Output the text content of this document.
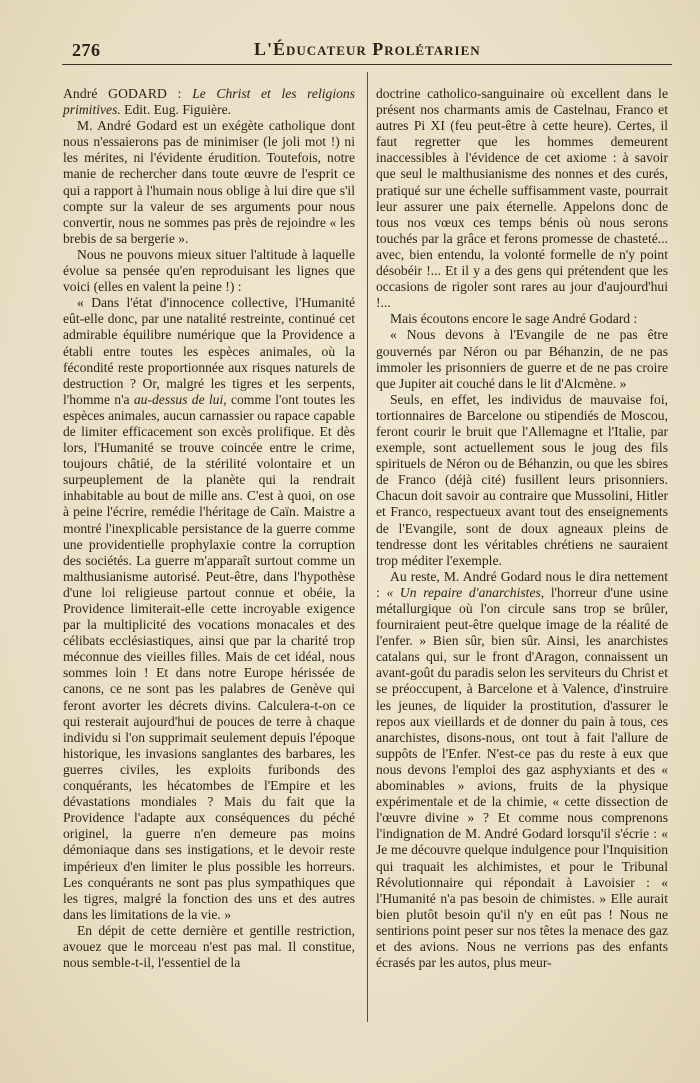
276	L'Éducateur Prolétarien

André GODARD : Le Christ et les religions primitives. Edit. Eug. Figuière.

M. André Godard est un exégète catholique dont nous n'essaierons pas de minimiser (le joli mot !) ni les mérites, ni l'évidente érudition. Toutefois, notre manie de rechercher dans toute œuvre de l'esprit ce qui a rapport à l'humain nous oblige à lui dire que s'il compte sur la valeur de ses arguments pour nous convertir, nous ne sommes pas près de rejoindre « les brebis de sa bergerie ».

Nous ne pouvons mieux situer l'altitude à laquelle évolue sa pensée qu'en reproduisant les lignes que voici (elles en valent la peine !) :

« Dans l'état d'innocence collective, l'Humanité eût-elle donc, par une natalité restreinte, continué cet admirable équilibre numérique que la Providence a établi entre toutes les espèces animales, où la fécondité reste proportionnée aux risques naturels de destruction ? Or, malgré les tigres et les serpents, l'homme n'a au-dessus de lui, comme l'ont toutes les espèces animales, aucun carnassier ou rapace capable de limiter efficacement son excès prolifique. Et dès lors, l'Humanité se trouve coincée entre le crime, toujours châtié, de la stérilité volontaire et un surpeuplement de la planète qui la rendrait inhabitable au bout de mille ans. C'est à quoi, on ose à peine l'écrire, remédie l'héritage de Caïn. Maistre a montré l'inexplicable persistance de la guerre comme une providentielle prophylaxie contre la corruption des sociétés. La guerre m'apparaît surtout comme un malthusianisme autorisé. Peut-être, dans l'hypothèse d'une loi religieuse partout connue et obéie, la Providence limiterait-elle cette incroyable exigence par la multiplicité des vocations monacales et des célibats ecclésiastiques, ainsi que par la charité trop méconnue des vieilles filles. Mais de cet idéal, nous sommes loin ! Et dans notre Europe hérissée de canons, ce ne sont pas les palabres de Genève qui feront avorter les décrets divins. Calculera-t-on ce qui resterait aujourd'hui de pouces de terre à chaque individu si l'on supprimait seulement depuis l'époque historique, les invasions sanglantes des barbares, les guerres civiles, les exploits furibonds des conquérants, les hécatombes de l'Empire et les dévastations mondiales ? Mais du fait que la Providence l'adapte aux conséquences du péché originel, la guerre n'en demeure pas moins démoniaque dans ses instigations, et le devoir reste impérieux d'en limiter le plus possible les horreurs. Les conquérants ne sont pas plus sympathiques que les tigres, malgré la fonction des uns et des autres dans les limitations de la vie. »

En dépit de cette dernière et gentille restriction, avouez que le morceau n'est pas mal. Il constitue, nous semble-t-il, l'essentiel de la

doctrine catholico-sanguinaire où excellent dans le présent nos charmants amis de Castelnau, Franco et autres Pi XI (feu peut-être à cette heure). Certes, il faut regretter que les hommes demeurent inaccessibles à l'évidence de cet axiome : à savoir que seul le malthusianisme des nonnes et des curés, pratiqué sur une échelle suffisamment vaste, pourrait leur assurer une paix éternelle. Appelons donc de tous nos vœux ces temps bénis où nous serons touchés par la grâce et ferons promesse de chasteté... avec, bien entendu, la volonté formelle de n'y point désobéir !... Et il y a des gens qui prétendent que les occasions de rigoler sont rares au jour d'aujourd'hui !...

Mais écoutons encore le sage André Godard :

« Nous devons à l'Evangile de ne pas être gouvernés par Néron ou par Béhanzin, de ne pas immoler les prisonniers de guerre et de ne pas croire que Jupiter ait couché dans le lit d'Alcmène. »

Seuls, en effet, les individus de mauvaise foi, tortionnaires de Barcelone ou stipendiés de Moscou, feront courir le bruit que l'Allemagne et l'Italie, par exemple, sont actuellement sous le joug des fils spirituels de Néron ou de Béhanzin, ou que les sbires de Franco (déjà cité) fusillent leurs prisonniers. Chacun doit savoir au contraire que Mussolini, Hitler et Franco, respectueux avant tout des enseignements de l'Evangile, sont de doux agneaux pleins de tendresse dont les véritables chrétiens ne sauraient trop méditer l'exemple.

Au reste, M. André Godard nous le dira nettement : « Un repaire d'anarchistes, l'horreur d'une usine métallurgique où l'on circule sans trop se brûler, fourniraient peut-être quelque image de la réalité de l'enfer. » Bien sûr, bien sûr. Ainsi, les anarchistes catalans qui, sur le front d'Aragon, connaissent un avant-goût du paradis selon les serviteurs du Christ et se préoccupent, à Barcelone et à Valence, d'instruire les jeunes, de liquider la prostitution, d'assurer le repos aux vieillards et de donner du pain à tous, ces anarchistes, disons-nous, ont tout à fait l'allure de suppôts de l'Enfer. N'est-ce pas du reste à eux que nous devons l'emploi des gaz asphyxiants et des « abominables » avions, fruits de la physique expérimentale et de la chimie, « cette dissection de l'œuvre divine » ? Et comme nous comprenons l'indignation de M. André Godard lorsqu'il s'écrie : « Je me découvre quelque indulgence pour l'Inquisition qui traquait les alchimistes, et pour le Tribunal Révolutionnaire qui répondait à Lavoisier : « l'Humanité n'a pas besoin de chimistes. » Elle aurait bien plutôt besoin qu'il n'y en eût pas ! Nous ne sentirions point peser sur nos têtes la menace des gaz et des avions. Nous ne verrions pas des enfants écrasés par les autos, plus meur-
